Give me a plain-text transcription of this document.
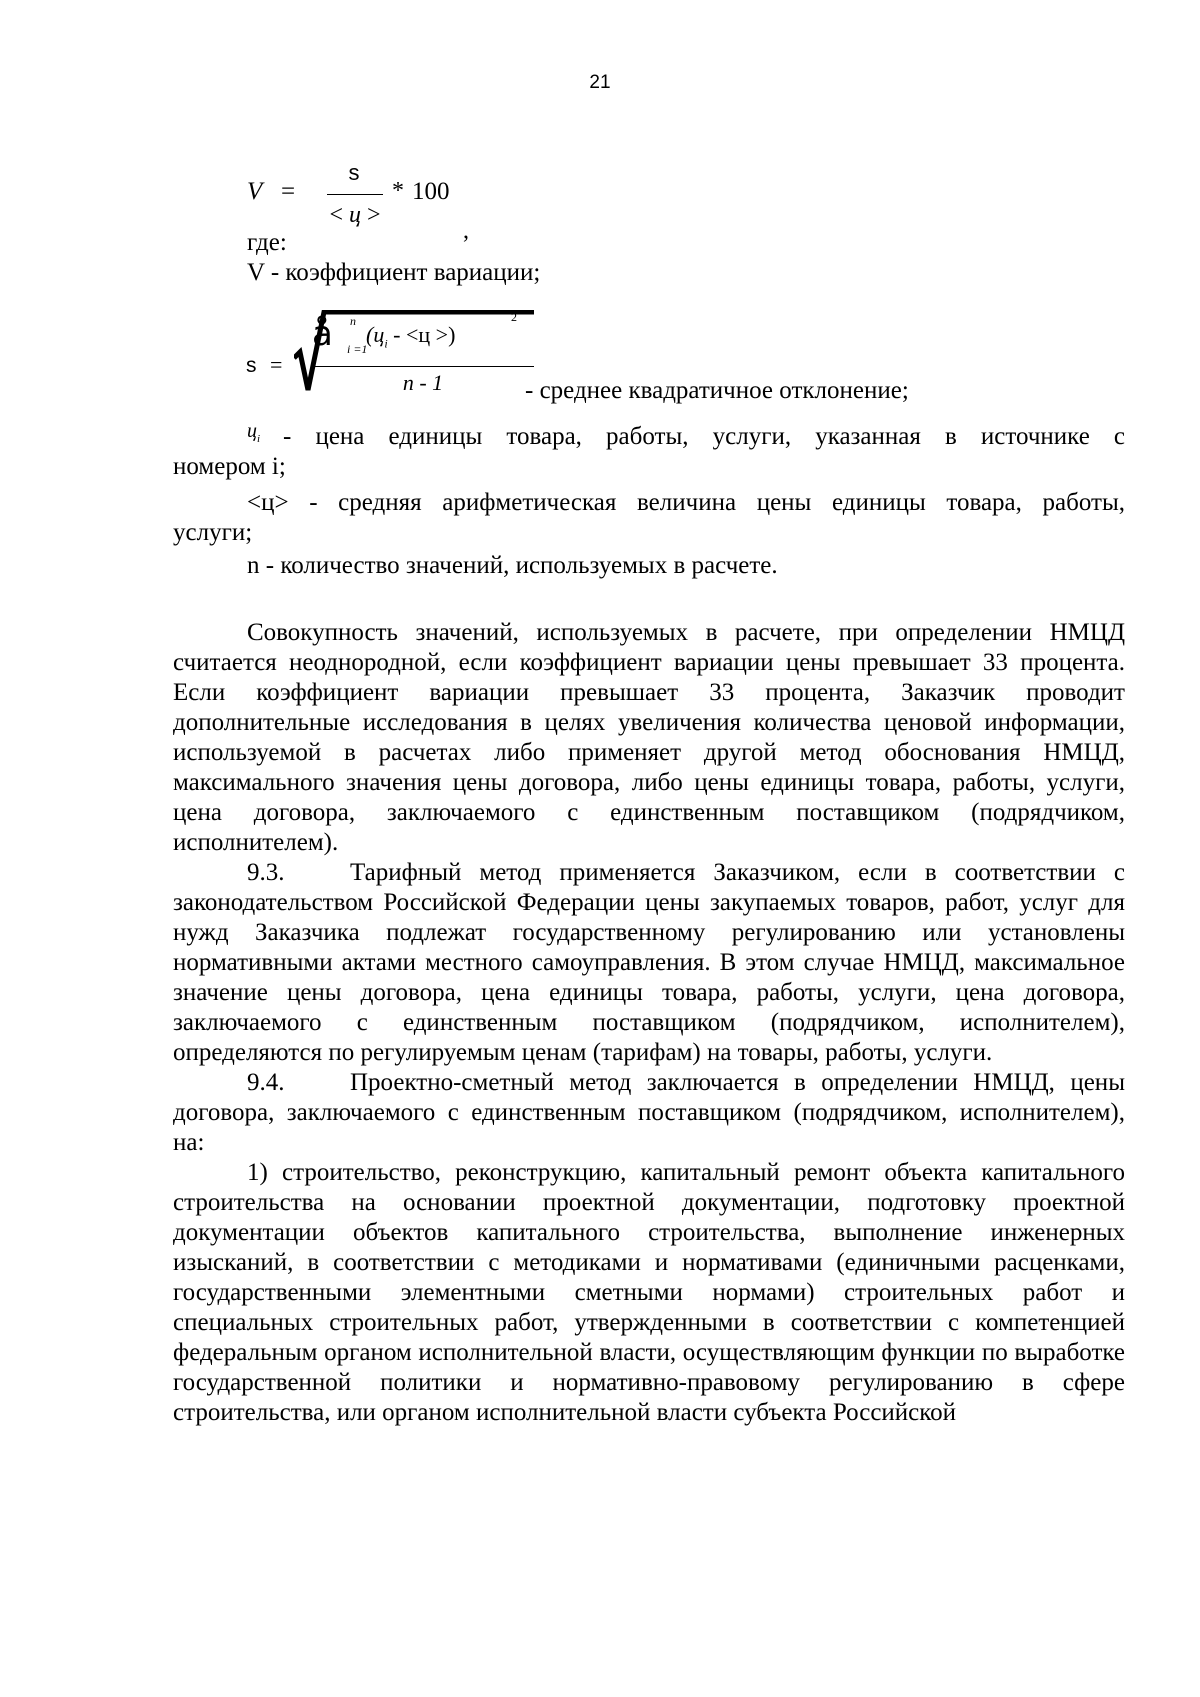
21
V =
s
< ц >
* 100
,
где:
V - коэффициент вариации;
s =
å n
i =1
($ц_i - <ц$ >)
2
n - 1	- среднее квадратичное отклонение;
$ц_i$ - цена единицы товара, работы, услуги, указанная в источнике с
номером i;
<ц> - средняя арифметическая величина цены единицы товара, работы,
услуги;
n - количество значений, используемых в расчете.

Совокупность значений, используемых в расчете, при определении НМЦД считается неоднородной, если коэффициент вариации цены превышает 33 процента. Если коэффициент вариации превышает 33 процента, Заказчик проводит дополнительные исследования в целях увеличения количества ценовой информации, используемой в расчетах либо применяет другой метод обоснования НМЦД, максимального значения цены договора, либо цены единицы товара, работы, услуги, цена договора, заключаемого с единственным поставщиком (подрядчиком, исполнителем).

9.3.	Тарифный метод применяется Заказчиком, если в соответствии с законодательством Российской Федерации цены закупаемых товаров, работ, услуг для нужд Заказчика подлежат государственному регулированию или установлены нормативными актами местного самоуправления. В этом случае НМЦД, максимальное значение цены договора, цена единицы товара, работы, услуги, цена договора, заключаемого с единственным поставщиком (подрядчиком, исполнителем), определяются по регулируемым ценам (тарифам) на товары, работы, услуги.

9.4.	Проектно-сметный метод заключается в определении НМЦД, цены договора, заключаемого с единственным поставщиком (подрядчиком, исполнителем), на:

1) строительство, реконструкцию, капитальный ремонт объекта капитального строительства на основании проектной документации, подготовку проектной документации объектов капитального строительства, выполнение инженерных изысканий, в соответствии с методиками и нормативами (единичными расценками, государственными элементными сметными нормами) строительных работ и специальных строительных работ, утвержденными в соответствии с компетенцией федеральным органом исполнительной власти, осуществляющим функции по выработке государственной политики и нормативно-правовому регулированию в сфере строительства, или органом исполнительной власти субъекта Российской
